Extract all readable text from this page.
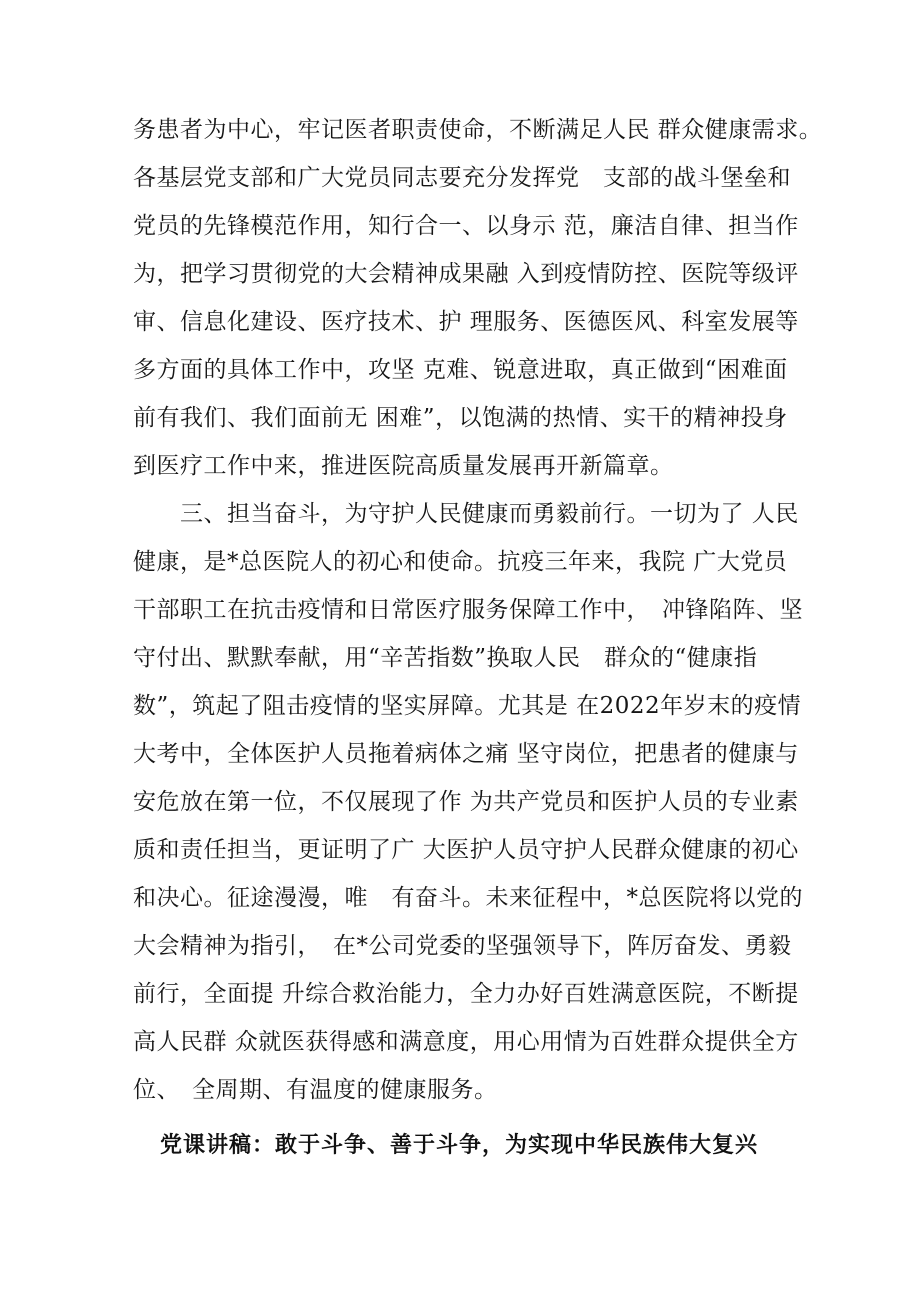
务患者为中心，牢记医者职责使命，不断满足人民 群众健康需求。
各基层党支部和广大党员同志要充分发挥党　支部的战斗堡垒和
党员的先锋模范作用，知行合一、以身示 范，廉洁自律、担当作
为，把学习贯彻党的大会精神成果融 入到疫情防控、医院等级评
审、信息化建设、医疗技术、护 理服务、医德医风、科室发展等
多方面的具体工作中，攻坚 克难、锐意进取，真正做到“困难面
前有我们、我们面前无 困难”，以饱满的热情、实干的精神投身
到医疗工作中来，推进医院高质量发展再开新篇章。
　　三、担当奋斗，为守护人民健康而勇毅前行。一切为了 人民
健康，是*总医院人的初心和使命。抗疫三年来，我院 广大党员
干部职工在抗击疫情和日常医疗服务保障工作中，　冲锋陷阵、坚
守付出、默默奉献，用“辛苦指数”换取人民　群众的“健康指
数”，筑起了阻击疫情的坚实屏障。尤其是 在2022年岁末的疫情
大考中，全体医护人员拖着病体之痛 坚守岗位，把患者的健康与
安危放在第一位，不仅展现了作 为共产党员和医护人员的专业素
质和责任担当，更证明了广 大医护人员守护人民群众健康的初心
和决心。征途漫漫，唯　有奋斗。未来征程中，*总医院将以党的
大会精神为指引，　在*公司党委的坚强领导下，阵厉奋发、勇毅
前行，全面提 升综合救治能力，全力办好百姓满意医院，不断提
高人民群 众就医获得感和满意度，用心用情为百姓群众提供全方
位、　全周期、有温度的健康服务。
党课讲稿：敢于斗争、善于斗争，为实现中华民族伟大复兴
